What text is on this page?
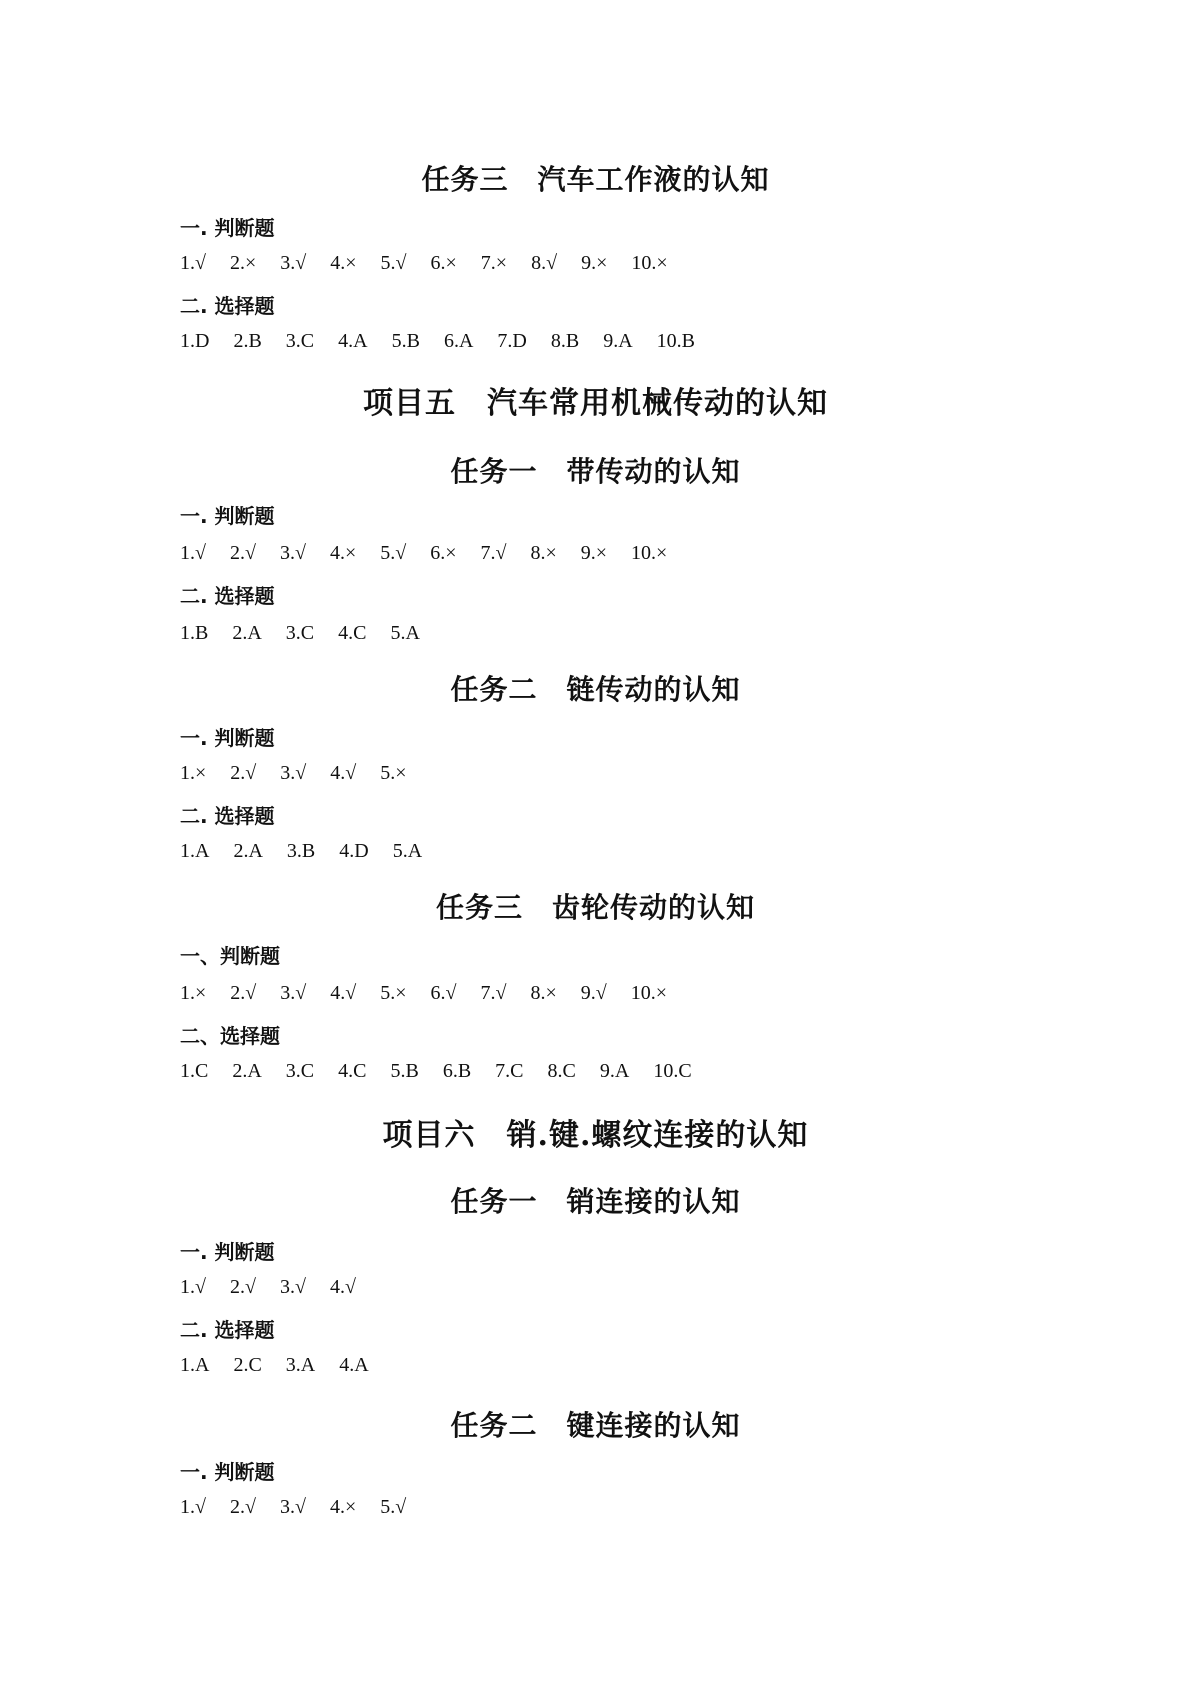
任务三　汽车工作液的认知
一. 判断题
1.√ 2.× 3.√ 4.× 5.√ 6.× 7.× 8.√ 9.× 10.×
二. 选择题
1.D 2.B 3.C 4.A 5.B 6.A 7.D 8.B 9.A 10.B
项目五　汽车常用机械传动的认知
任务一　带传动的认知
一. 判断题
1.√ 2.√ 3.√ 4.× 5.√ 6.× 7.√ 8.× 9.× 10.×
二. 选择题
1.B 2.A 3.C 4.C 5.A
任务二　链传动的认知
一. 判断题
1.× 2.√ 3.√ 4.√ 5.×
二. 选择题
1.A 2.A 3.B 4.D 5.A
任务三　齿轮传动的认知
一、判断题
1.× 2.√ 3.√ 4.√ 5.× 6.√ 7.√ 8.× 9.√ 10.×
二、选择题
1.C 2.A 3.C 4.C 5.B 6.B 7.C 8.C 9.A 10.C
项目六　销.键.螺纹连接的认知
任务一　销连接的认知
一. 判断题
1.√ 2.√ 3.√ 4.√
二. 选择题
1.A 2.C 3.A 4.A
任务二　键连接的认知
一. 判断题
1.√ 2.√ 3.√ 4.× 5.√
